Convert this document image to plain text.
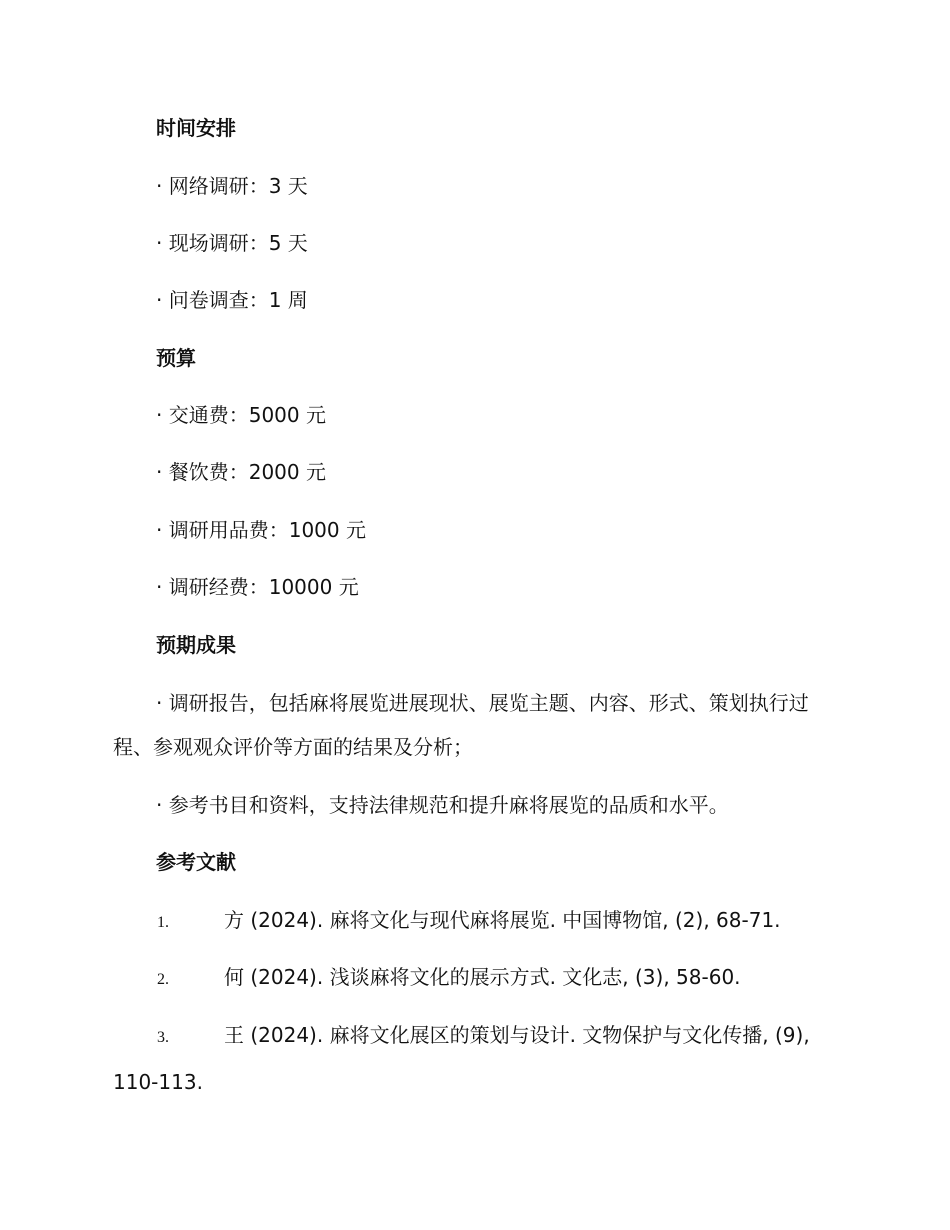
时间安排
· 网络调研：3 天
· 现场调研：5 天
· 问卷调查：1 周
预算
· 交通费：5000 元
· 餐饮费：2000 元
· 调研用品费：1000 元
· 调研经费：10000 元
预期成果
· 调研报告，包括麻将展览进展现状、展览主题、内容、形式、策划执行过程、参观观众评价等方面的结果及分析；
· 参考书目和资料，支持法律规范和提升麻将展览的品质和水平。
参考文献
1.	方 (2024). 麻将文化与现代麻将展览. 中国博物馆, (2), 68-71.
2.	何 (2024). 浅谈麻将文化的展示方式. 文化志, (3), 58-60.
3.	王 (2024). 麻将文化展区的策划与设计. 文物保护与文化传播, (9), 110-113.
